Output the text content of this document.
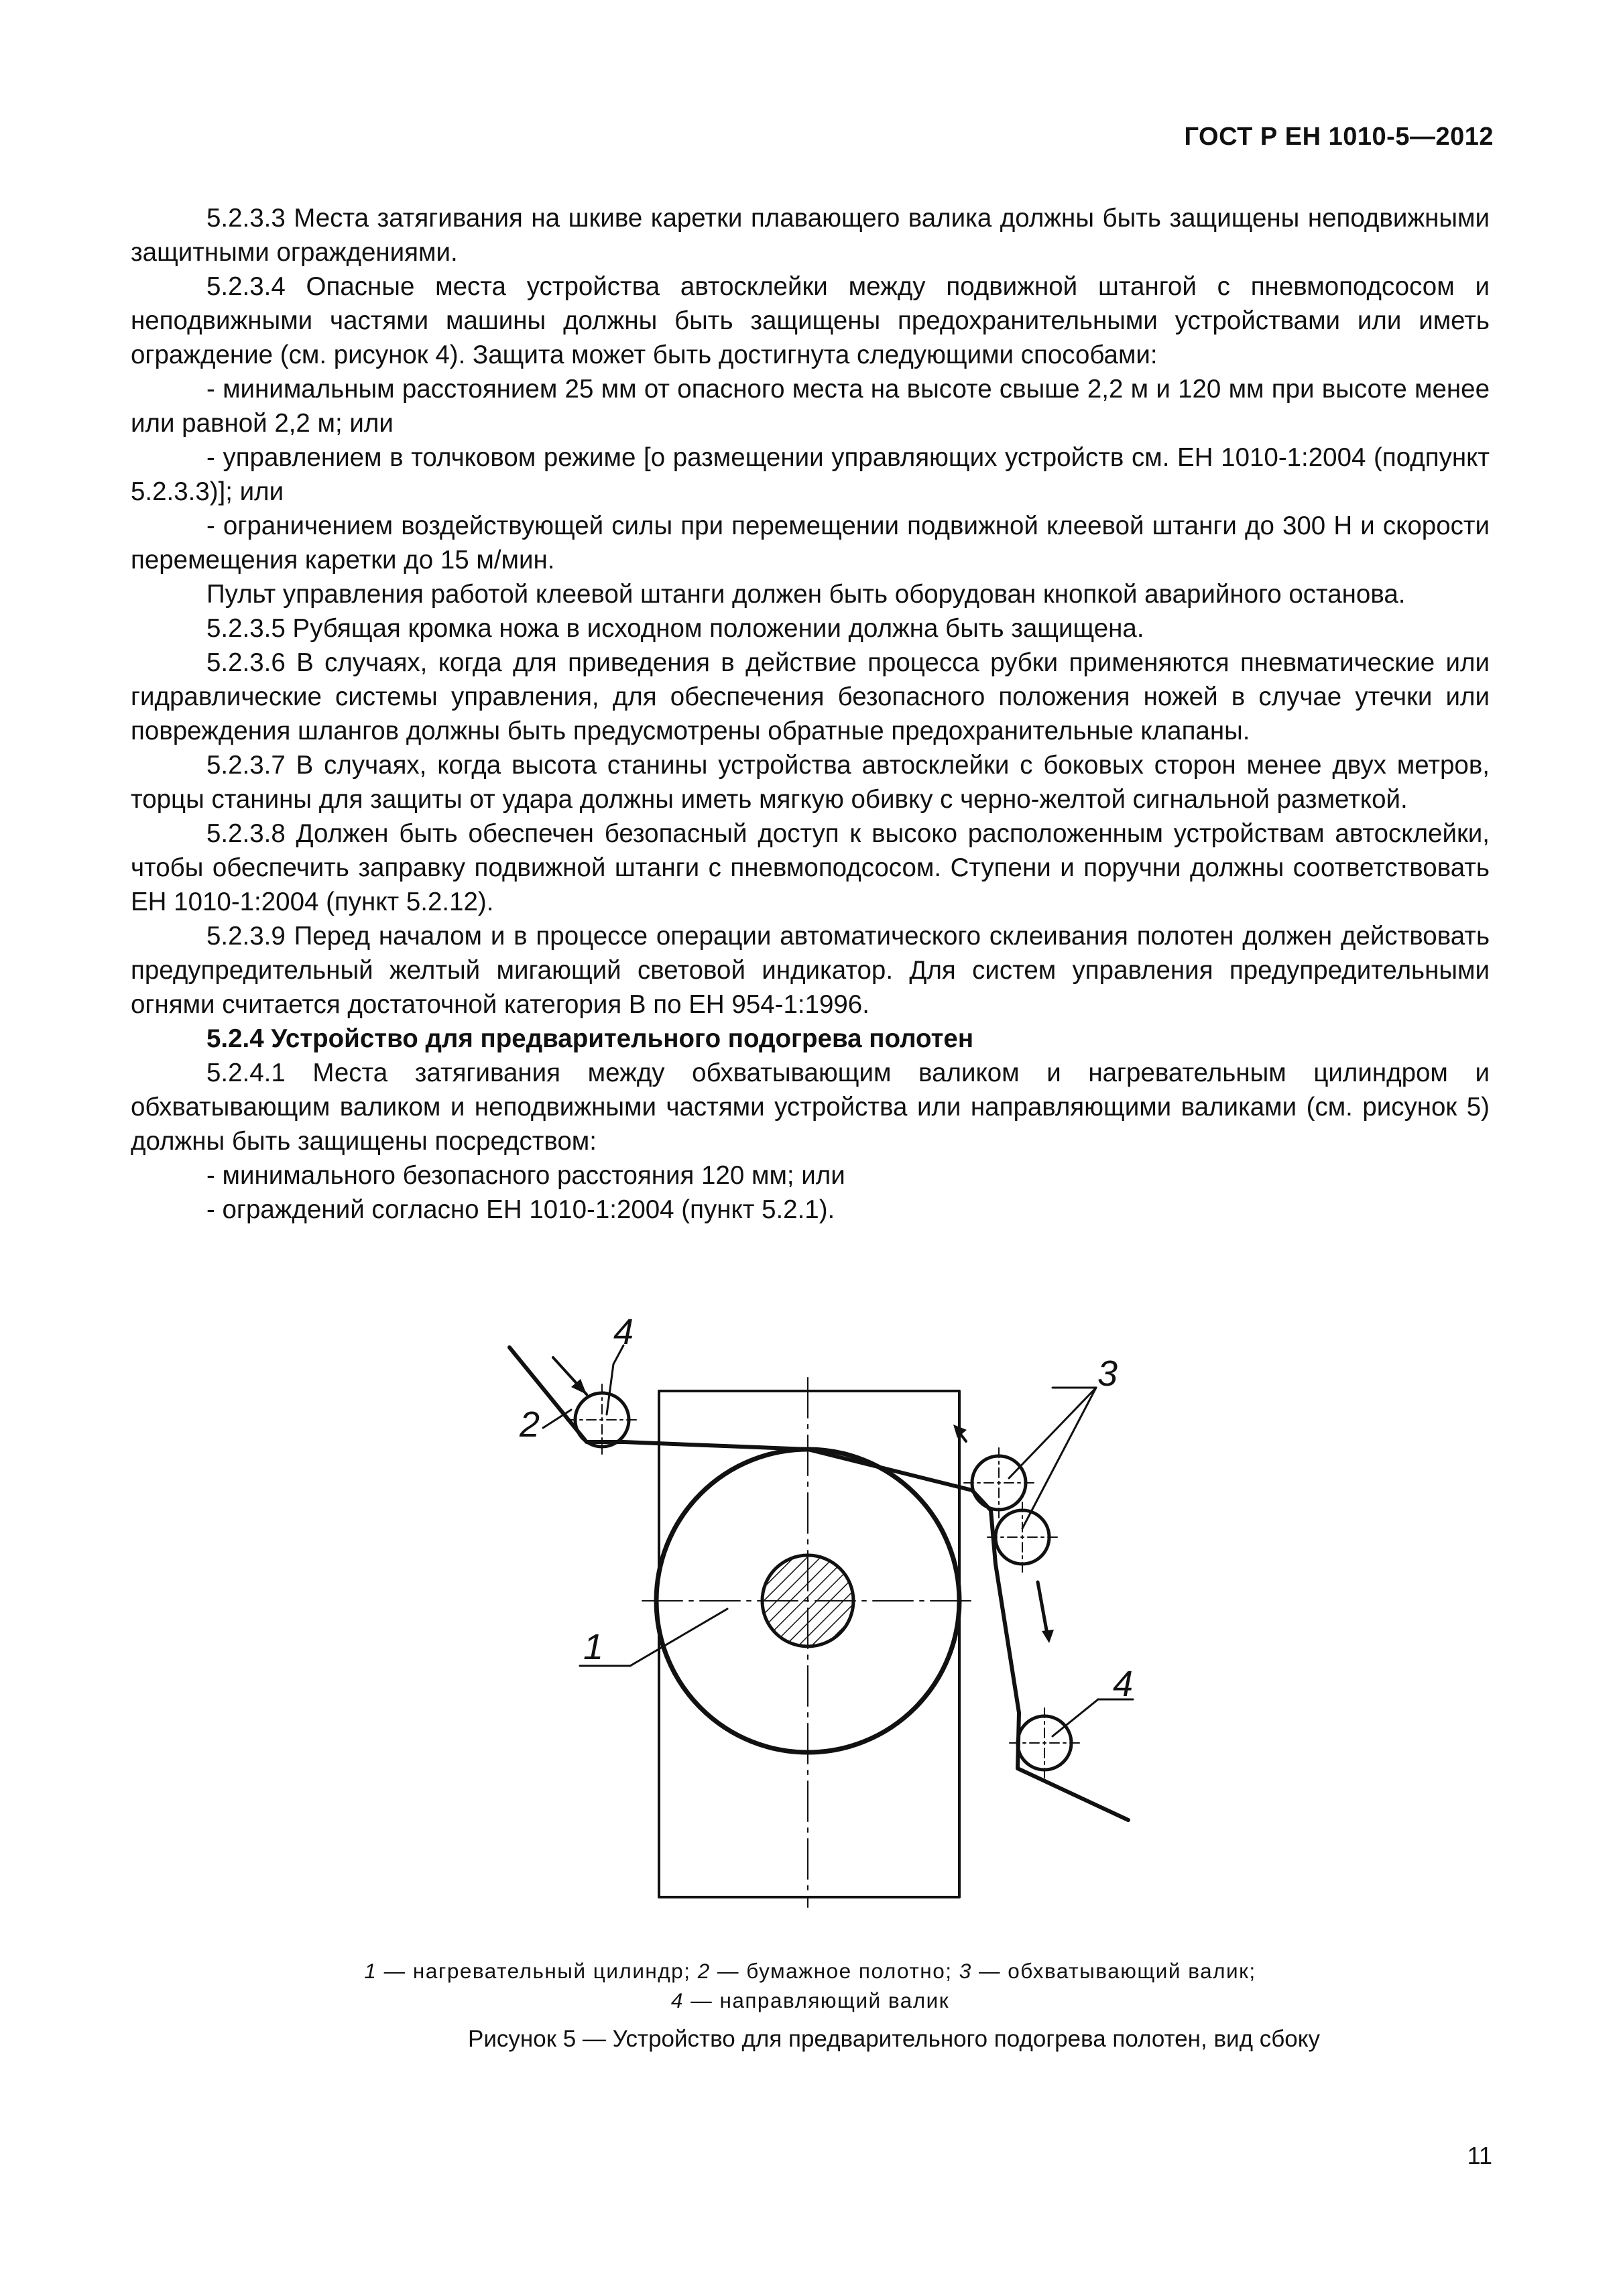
ГОСТ Р ЕН 1010-5—2012

5.2.3.3 Места затягивания на шкиве каретки плавающего валика должны быть защищены неподвижными защитными ограждениями.

5.2.3.4 Опасные места устройства автосклейки между подвижной штангой с пневмоподсосом и неподвижными частями машины должны быть защищены предохранительными устройствами или иметь ограждение (см. рисунок 4). Защита может быть достигнута следующими способами:

- минимальным расстоянием 25 мм от опасного места на высоте свыше 2,2 м и 120 мм при высоте менее или равной 2,2 м; или

- управлением в толчковом режиме [о размещении управляющих устройств см. ЕН 1010-1:2004 (подпункт 5.2.3.3)]; или

- ограничением воздействующей силы при перемещении подвижной клеевой штанги до 300 Н и скорости перемещения каретки до 15 м/мин.

Пульт управления работой клеевой штанги должен быть оборудован кнопкой аварийного останова.

5.2.3.5 Рубящая кромка ножа в исходном положении должна быть защищена.

5.2.3.6 В случаях, когда для приведения в действие процесса рубки применяются пневматические или гидравлические системы управления, для обеспечения безопасного положения ножей в случае утечки или повреждения шлангов должны быть предусмотрены обратные предохранительные клапаны.

5.2.3.7 В случаях, когда высота станины устройства автосклейки с боковых сторон менее двух метров, торцы станины для защиты от удара должны иметь мягкую обивку с черно-желтой сигнальной разметкой.

5.2.3.8 Должен быть обеспечен безопасный доступ к высоко расположенным устройствам автосклейки, чтобы обеспечить заправку подвижной штанги с пневмоподсосом. Ступени и поручни должны соответствовать ЕН 1010-1:2004 (пункт 5.2.12).

5.2.3.9 Перед началом и в процессе операции автоматического склеивания полотен должен действовать предупредительный желтый мигающий световой индикатор. Для систем управления предупредительными огнями считается достаточной категория В по ЕН 954-1:1996.

5.2.4 Устройство для предварительного подогрева полотен

5.2.4.1 Места затягивания между обхватывающим валиком и нагревательным цилиндром и обхватывающим валиком и неподвижными частями устройства или направляющими валиками (см. рисунок 5) должны быть защищены посредством:

- минимального безопасного расстояния 120 мм; или

- ограждений согласно ЕН 1010-1:2004 (пункт 5.2.1).

4
2
3
1
4
1 — нагревательный цилиндр; 2 — бумажное полотно; 3 — обхватывающий валик;
4 — направляющий валик
Рисунок 5 — Устройство для предварительного подогрева полотен, вид сбоку
11
